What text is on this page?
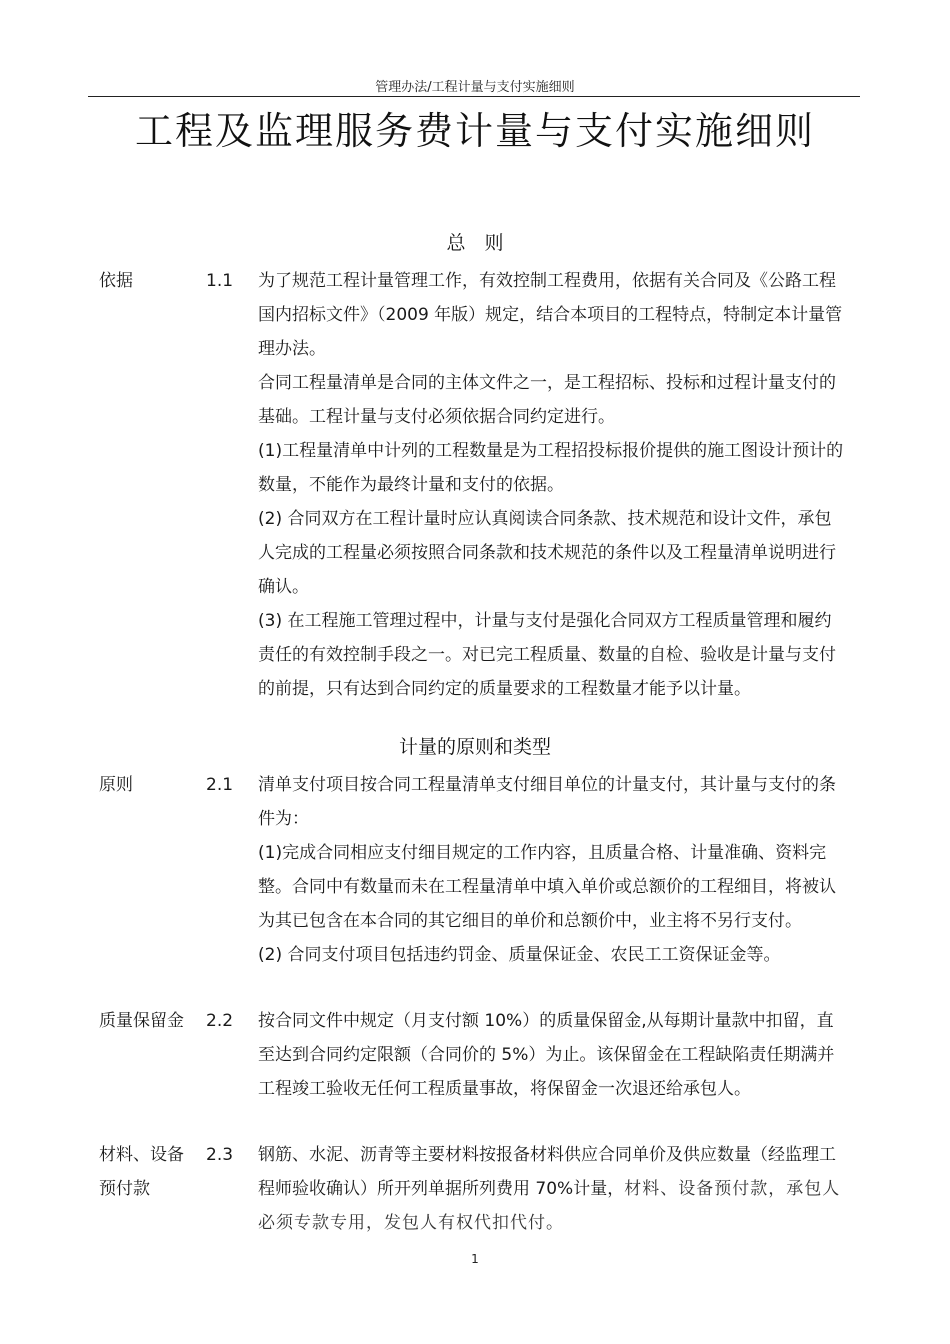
管理办法/工程计量与支付实施细则
工程及监理服务费计量与支付实施细则
总　则
依据	1.1	为了规范工程计量管理工作，有效控制工程费用，依据有关合同及《公路工程国内招标文件》（2009 年版）规定，结合本项目的工程特点，特制定本计量管理办法。

合同工程量清单是合同的主体文件之一，是工程招标、投标和过程计量支付的基础。工程计量与支付必须依据合同约定进行。

(1)工程量清单中计列的工程数量是为工程招投标报价提供的施工图设计预计的数量，不能作为最终计量和支付的依据。

(2) 合同双方在工程计量时应认真阅读合同条款、技术规范和设计文件，承包人完成的工程量必须按照合同条款和技术规范的条件以及工程量清单说明进行确认。

(3) 在工程施工管理过程中，计量与支付是强化合同双方工程质量管理和履约责任的有效控制手段之一。对已完工程质量、数量的自检、验收是计量与支付的前提，只有达到合同约定的质量要求的工程数量才能予以计量。

计量的原则和类型
原则	2.1	清单支付项目按合同工程量清单支付细目单位的计量支付，其计量与支付的条件为：

(1)完成合同相应支付细目规定的工作内容，且质量合格、计量准确、资料完整。合同中有数量而未在工程量清单中填入单价或总额价的工程细目，将被认为其已包含在本合同的其它细目的单价和总额价中，业主将不另行支付。

(2) 合同支付项目包括违约罚金、质量保证金、农民工工资保证金等。

质量保留金 2.2	按合同文件中规定（月支付额 10%）的质量保留金,从每期计量款中扣留，直至达到合同约定限额（合同价的 5%）为止。该保留金在工程缺陷责任期满并工程竣工验收无任何工程质量事故，将保留金一次退还给承包人。

材料、设备预付款
2.3	钢筋、水泥、沥青等主要材料按报备材料供应合同单价及供应数量（经监理工程师验收确认）所开列单据所列费用 70%计量，材料、设备预付款，承包人必须专款专用，发包人有权代扣代付。

1
